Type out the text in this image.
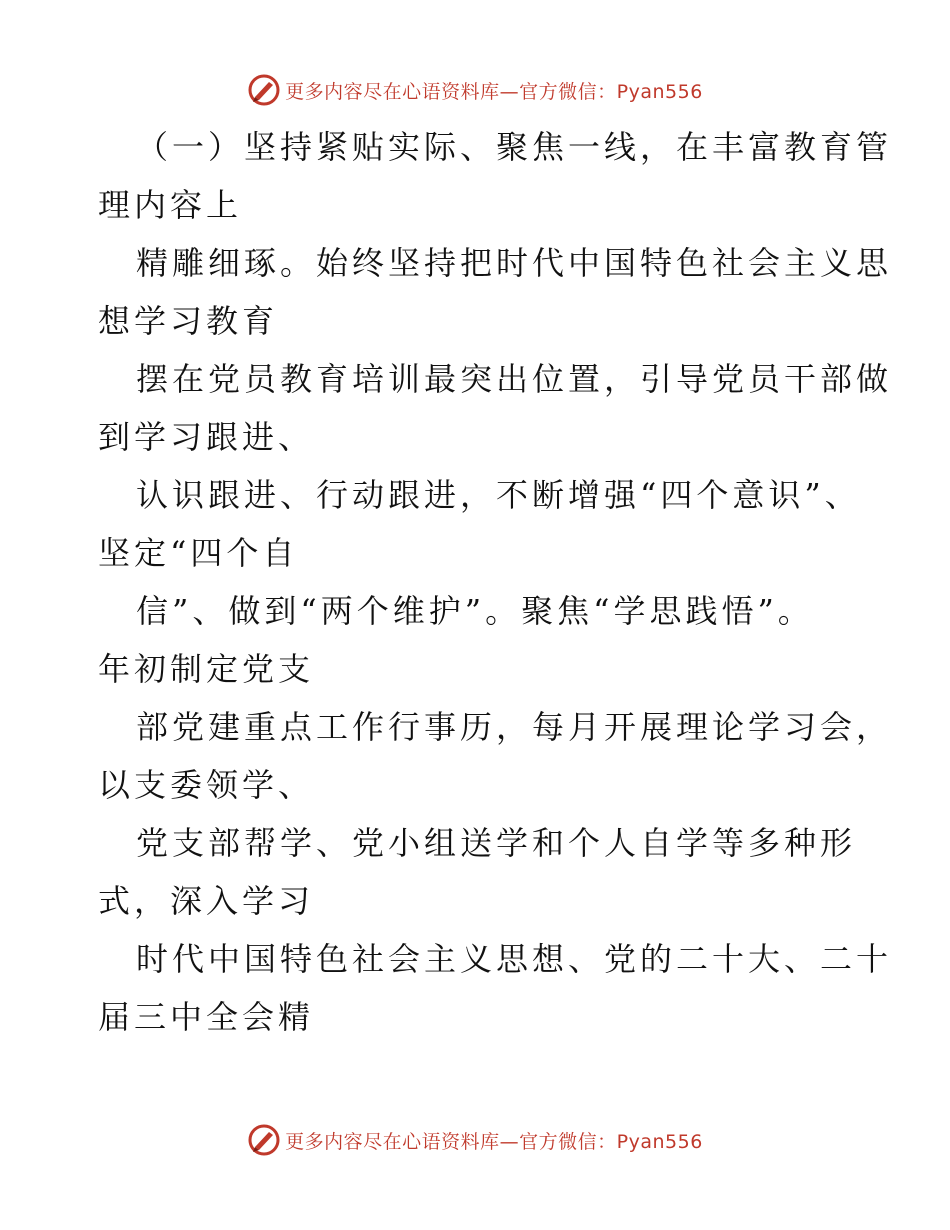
更多内容尽在心语资料库—官方微信：Pyan556
（一）坚持紧贴实际、聚焦一线，在丰富教育管
理内容上
精雕细琢。始终坚持把时代中国特色社会主义思
想学习教育
摆在党员教育培训最突出位置，引导党员干部做
到学习跟进、
认识跟进、行动跟进，不断增强“四个意识”、
坚定“四个自
信”、做到“两个维护”。聚焦“学思践悟”。
年初制定党支
部党建重点工作行事历，每月开展理论学习会，
以支委领学、
党支部帮学、党小组送学和个人自学等多种形
式，深入学习
时代中国特色社会主义思想、党的二十大、二十
届三中全会精
更多内容尽在心语资料库—官方微信：Pyan556
